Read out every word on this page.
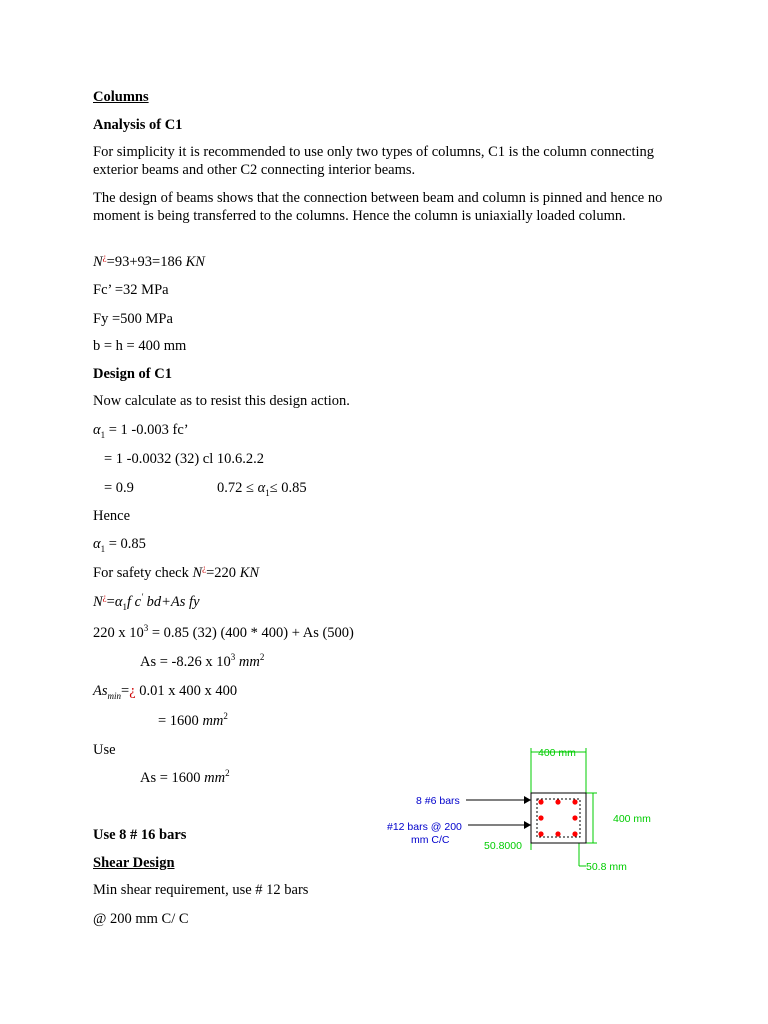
Columns
Analysis of C1
For simplicity it is recommended to use only two types of columns, C1 is the column connecting exterior beams and other C2 connecting interior beams.
The design of beams shows that the connection between beam and column is pinned and hence no moment is being transferred to the columns. Hence the column is uniaxially loaded column.
N¿=93+93=186 KN
Fc’ =32 MPa
Fy =500 MPa
b = h = 400 mm
Design of C1
Now calculate as to resist this design action.
$\alpha_1 = 1$ -0.003 fc’
= 1 -0.0032 (32) cl 10.6.2.2
= 0.9	$0.72 \le \alpha_1\le 0.85$
Hence
$\alpha_1 = 0.85$
For safety check N¿=220 KN
$N^¿=\alpha_1f$ c' bd+As fy
220 x $10^3 = 0.85$ (32) (400 * 400) + As (500)
As = -8.26 x $10^3$ $mm^2$
$As_{min}=¿$ 0.01 x 400 x 400
= 1600 $mm^2$
Use
As = 1600 $mm^2$
Use 8 # 16 bars
Shear Design
Min shear requirement, use # 12 bars
@ 200 mm C/ C
400 mm
400 mm
8 #6 bars
#12 bars @ 200
mm C/C	50.8000
50.8 mm
